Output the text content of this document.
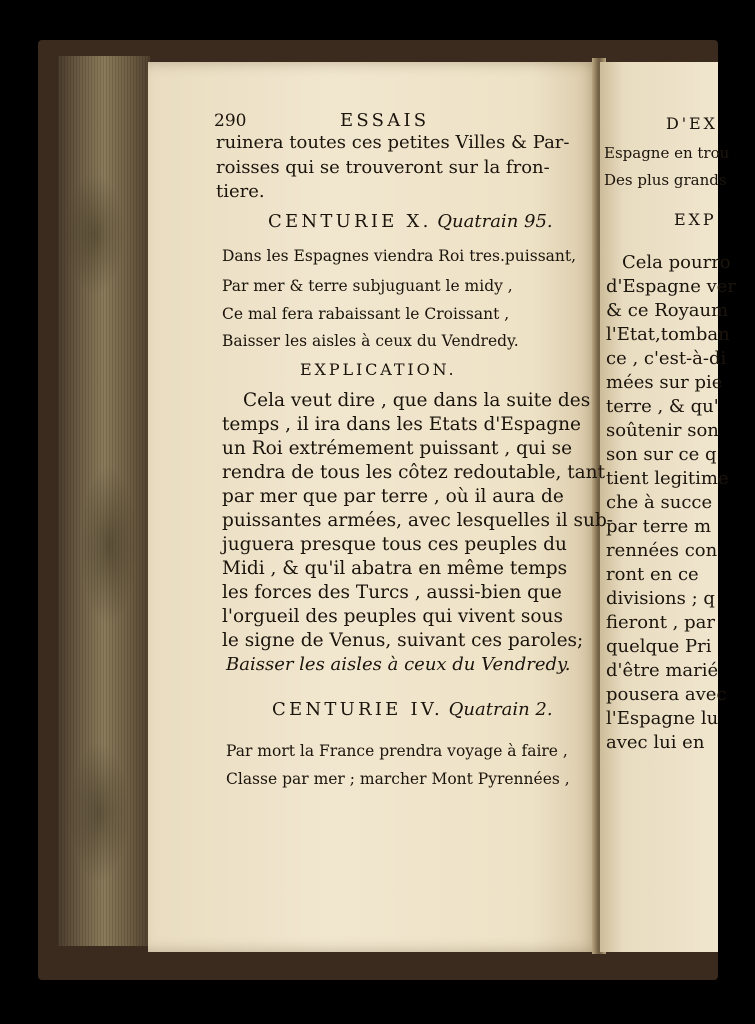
290	ESSAIS
ruinera toutes ces petites Villes & Par-
roisses qui se trouveront sur la fron-
tiere.
CENTURIE X. Quatrain 95.
Dans les Espagnes viendra Roi tres.puissant,
Par mer & terre subjuguant le midy ,
Ce mal fera rabaissant le Croissant ,
Baisser les aisles à ceux du Vendredy.
EXPLICATION.
Cela veut dire , que dans la suite des
temps , il ira dans les Etats d'Espagne
un Roi extrémement puissant , qui se
rendra de tous les côtez redoutable, tant
par mer que par terre , où il aura de
puissantes armées, avec lesquelles il sub-
juguera presque tous ces peuples du
Midi , & qu'il abatra en même temps
les forces des Turcs , aussi-bien que
l'orgueil des peuples qui vivent sous
le signe de Venus, suivant ces paroles;
Baisser les aisles à ceux du Vendredy.
CENTURIE IV. Quatrain 2.
Par mort la France prendra voyage à faire ,
Classe par mer ; marcher Mont Pyrennées ,
D'EX
Espagne en trou
Des plus grands
EXP
Cela pourro
d'Espagne ver
& ce Royaum
l'Etat,tomban
ce , c'est-à-di
mées sur pie
terre , & qu'
soûtenir son
son sur ce q
tient legitime
che à succe
par terre m
rennées con
ront en ce
divisions ; q
fieront , par
quelque Pri
d'être marié
pousera avec
l'Espagne lu
avec lui en
